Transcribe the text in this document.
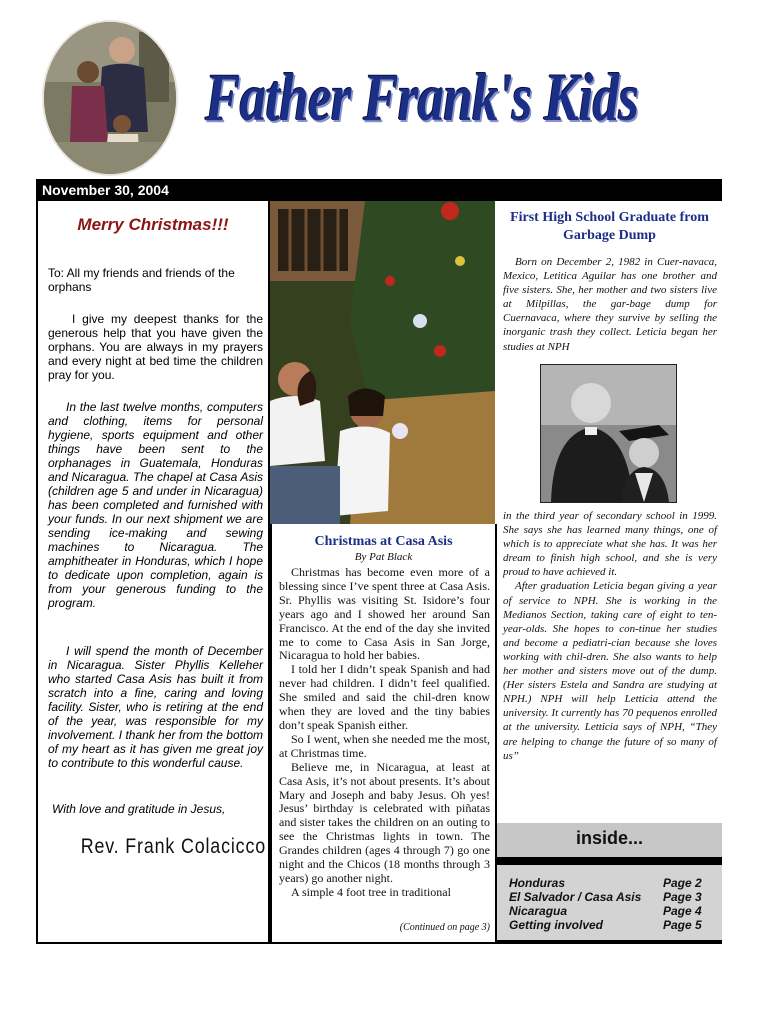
Father Frank's Kids
November 30, 2004
Merry Christmas!!!

To: All my friends and friends of the orphans

I give my deepest thanks for the generous help that you have given the orphans. You are always in my prayers and every night at bed time the children pray for you.

In the last twelve months, computers and clothing, items for personal hygiene, sports equipment and other things have been sent to the orphanages in Guatemala, Honduras and Nicaragua. The chapel at Casa Asis (children age 5 and under in Nicaragua) has been completed and furnished with your funds. In our next shipment we are sending ice-making and sewing machines to Nicaragua. The amphitheater in Honduras, which I hope to dedicate upon completion, again is from your generous funding to the program.

I will spend the month of December in Nicaragua. Sister Phyllis Kelleher who started Casa Asis has built it from scratch into a fine, caring and loving facility. Sister, who is retiring at the end of the year, was responsible for my involvement. I thank her from the bottom of my heart as it has given me great joy to contribute to this wonderful cause.

With love and gratitude in Jesus,

Rev. Frank Colacicco
Christmas at Casa Asis
By Pat Black

Christmas has become even more of a blessing since I’ve spent three at Casa Asis. Sr. Phyllis was visiting St. Isidore’s four years ago and I showed her around San Francisco. At the end of the day she invited me to come to Casa Asis in San Jorge, Nicaragua to hold her babies.

I told her I didn’t speak Spanish and had never had children. I didn’t feel qualified. She smiled and said the chil-dren know when they are loved and the tiny babies don’t speak Spanish either.

So I went, when she needed me the most, at Christmas time.

Believe me, in Nicaragua, at least at Casa Asis, it’s not about presents. It’s about Mary and Joseph and baby Jesus. Oh yes! Jesus’ birthday is celebrated with piñatas and sister takes the children on an outing to see the Christmas lights in town. The Grandes children (ages 4 through 7) go one night and the Chicos (18 months through 3 years) go another night.

A simple 4 foot tree in traditional

(Continued on page 3)
First High School Graduate from Garbage Dump

Born on December 2, 1982 in Cuer-navaca, Mexico, Letitica Aguilar has one brother and five sisters. She, her mother and two sisters live at Milpillas, the gar-bage dump for Cuernavaca, where they survive by selling the inorganic trash they collect. Leticia began her studies at NPH

in the third year of secondary school in 1999. She says she has learned many things, one of which is to appreciate what she has. It was her dream to finish high school, and she is very proud to have achieved it.

After graduation Leticia began giving a year of service to NPH. She is working in the Medianos Section, taking care of eight to ten-year-olds. She hopes to con-tinue her studies and become a pediatri-cian because she loves working with chil-dren. She also wants to help her mother and sisters move out of the dump. (Her sisters Estela and Sandra are studying at NPH.) NPH will help Letticia attend the university. It currently has 70 pequenos enrolled at the university. Letticia says of NPH, “They are helping to change the future of so many of us”

inside...
Honduras	Page 2
El Salvador / Casa Asis Page 3
Nicaragua	Page 4
Getting involved	Page 5
